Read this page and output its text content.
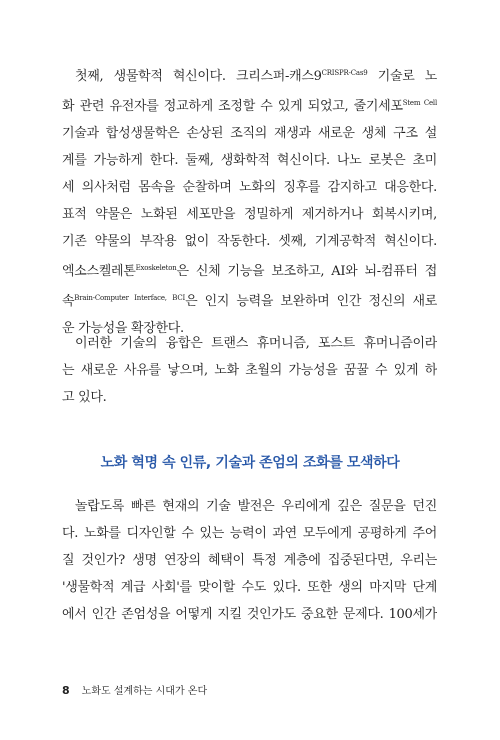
첫째, 생물학적 혁신이다. 크리스퍼-캐스$9^{CRISPR-Cas9}$ 기술로 노
화 관련 유전자를 정교하게 조정할 수 있게 되었고, 줄기세포$^{Stem Cell}$
기술과 합성생물학은 손상된 조직의 재생과 새로운 생체 구조 설
계를 가능하게 한다. 둘째, 생화학적 혁신이다. 나노 로봇은 초미
세 의사처럼 몸속을 순찰하며 노화의 징후를 감지하고 대응한다.
표적 약물은 노화된 세포만을 정밀하게 제거하거나 회복시키며,
기존 약물의 부작용 없이 작동한다. 셋째, 기계공학적 혁신이다.
엑소스켈레톤$^{Exoskeleton}$은 신체 기능을 보조하고, AI와 뇌-컴퓨터 접
속$^{Brain-Computer Interface, BCI}$은 인지 능력을 보완하며 인간 정신의 새로
운 가능성을 확장한다.
이러한 기술의 융합은 트랜스 휴머니즘, 포스트 휴머니즘이라
는 새로운 사유를 낳으며, 노화 초월의 가능성을 꿈꿀 수 있게 하
고 있다.
노화 혁명 속 인류, 기술과 존엄의 조화를 모색하다
놀랍도록 빠른 현재의 기술 발전은 우리에게 깊은 질문을 던진
다. 노화를 디자인할 수 있는 능력이 과연 모두에게 공평하게 주어
질 것인가? 생명 연장의 혜택이 특정 계층에 집중된다면, 우리는
'생물학적 계급 사회'를 맞이할 수도 있다. 또한 생의 마지막 단계
에서 인간 존엄성을 어떻게 지킬 것인가도 중요한 문제다. 100세가
8 노화도 설계하는 시대가 온다
